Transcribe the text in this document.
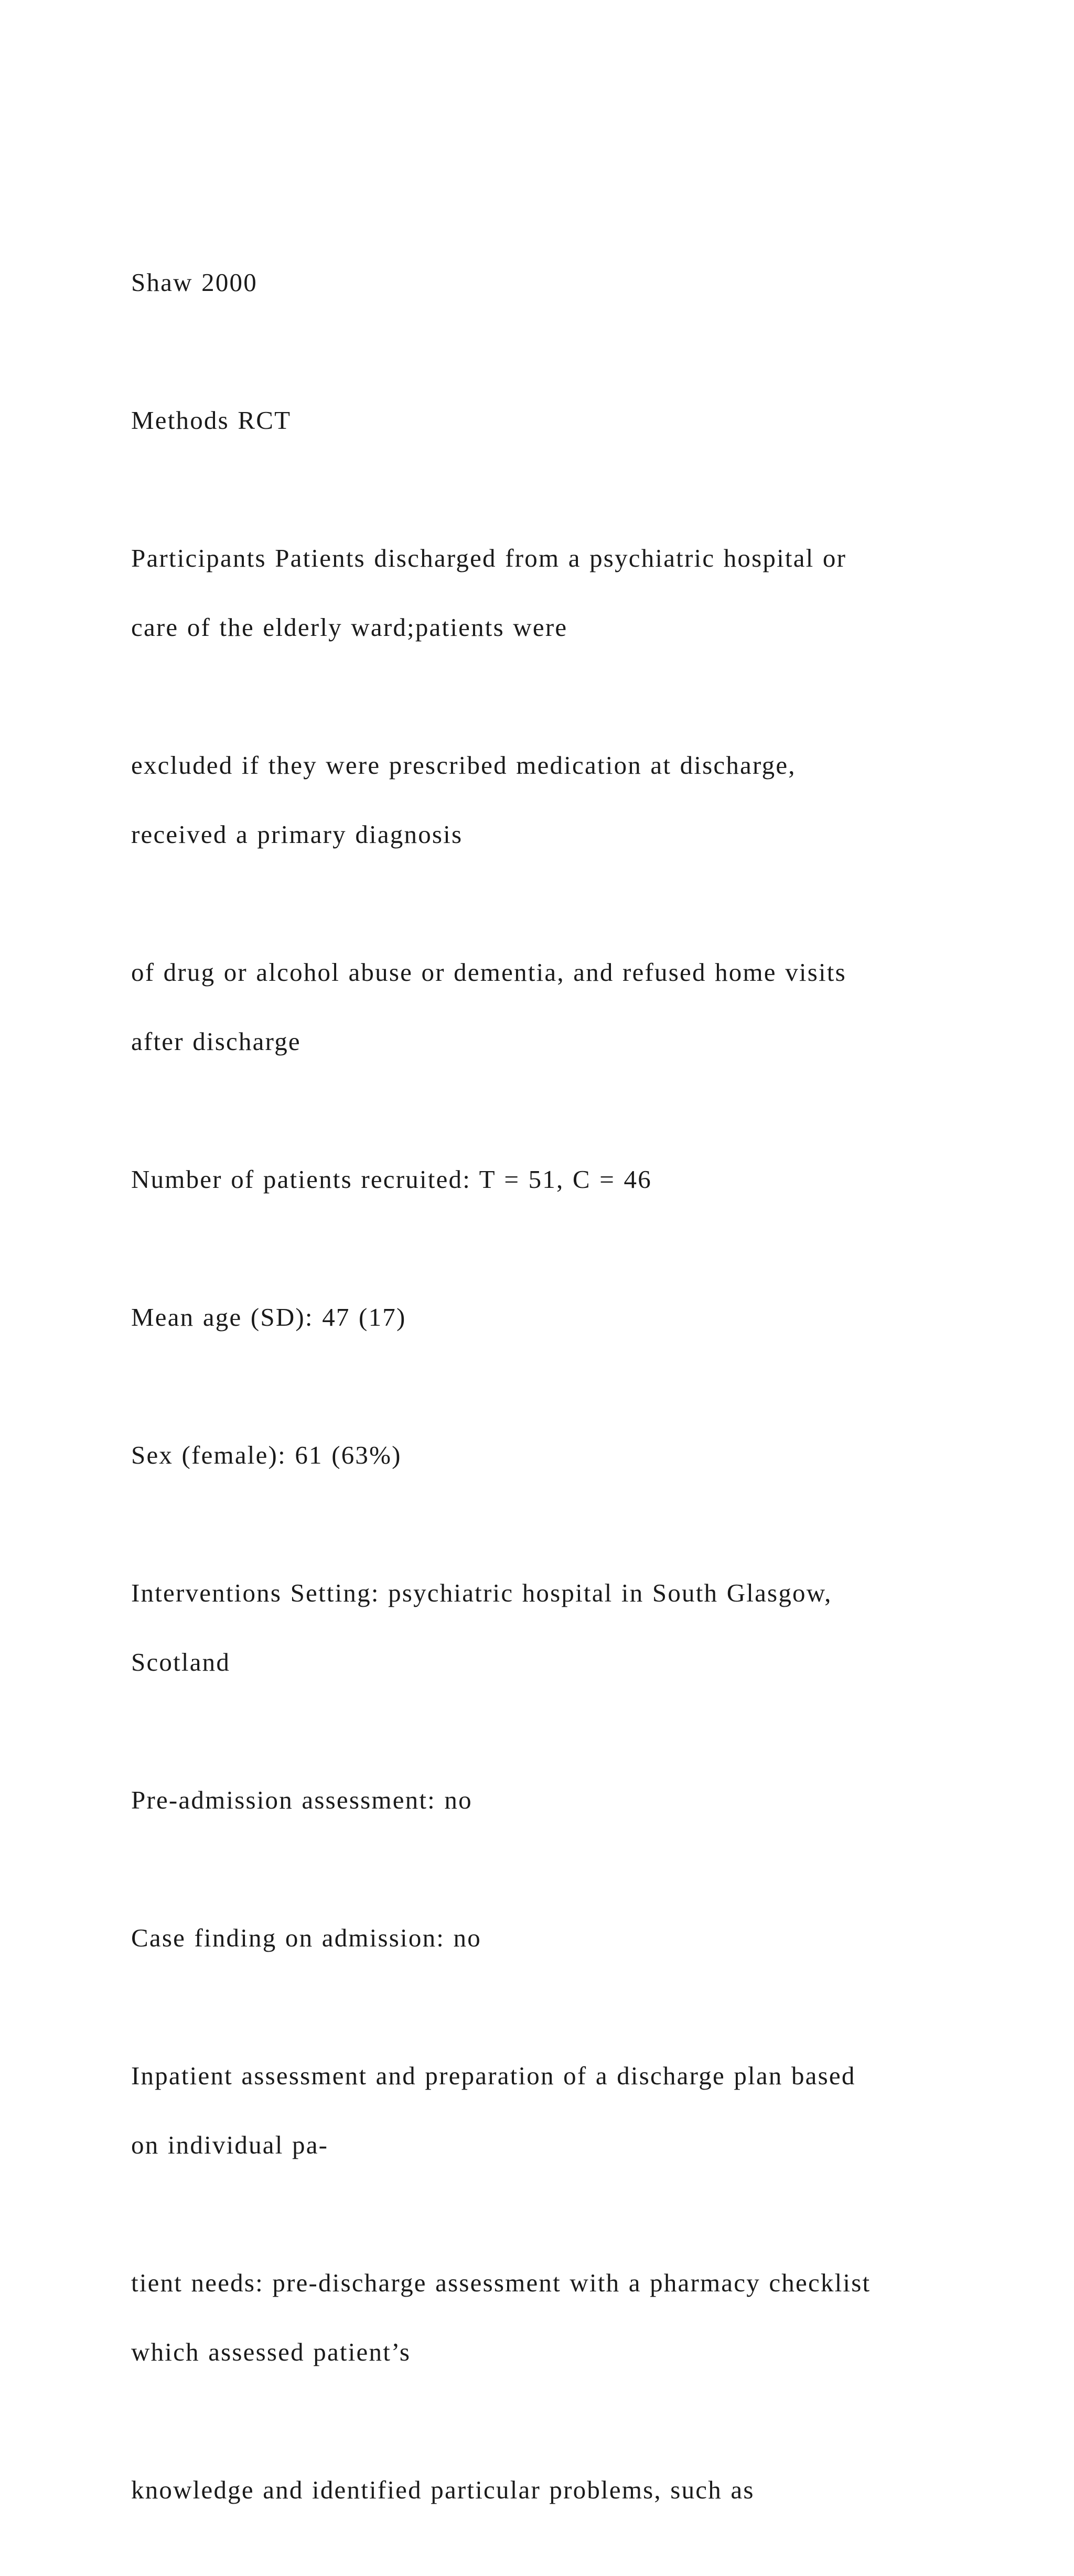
Shaw 2000

Methods RCT

Participants Patients discharged from a psychiatric hospital or

care of the elderly ward;patients were

excluded if they were prescribed medication at discharge,

received a primary diagnosis

of drug or alcohol abuse or dementia, and refused home visits

after discharge

Number of patients recruited: T = 51, C = 46

Mean age (SD): 47 (17)

Sex (female): 61 (63%)

Interventions Setting: psychiatric hospital in South Glasgow,

Scotland

Pre-admission assessment: no

Case finding on admission: no

Inpatient assessment and preparation of a discharge plan based

on individual pa-

tient needs: pre-discharge assessment with a pharmacy checklist

which assessed patient’s

knowledge and identified particular problems, such as
